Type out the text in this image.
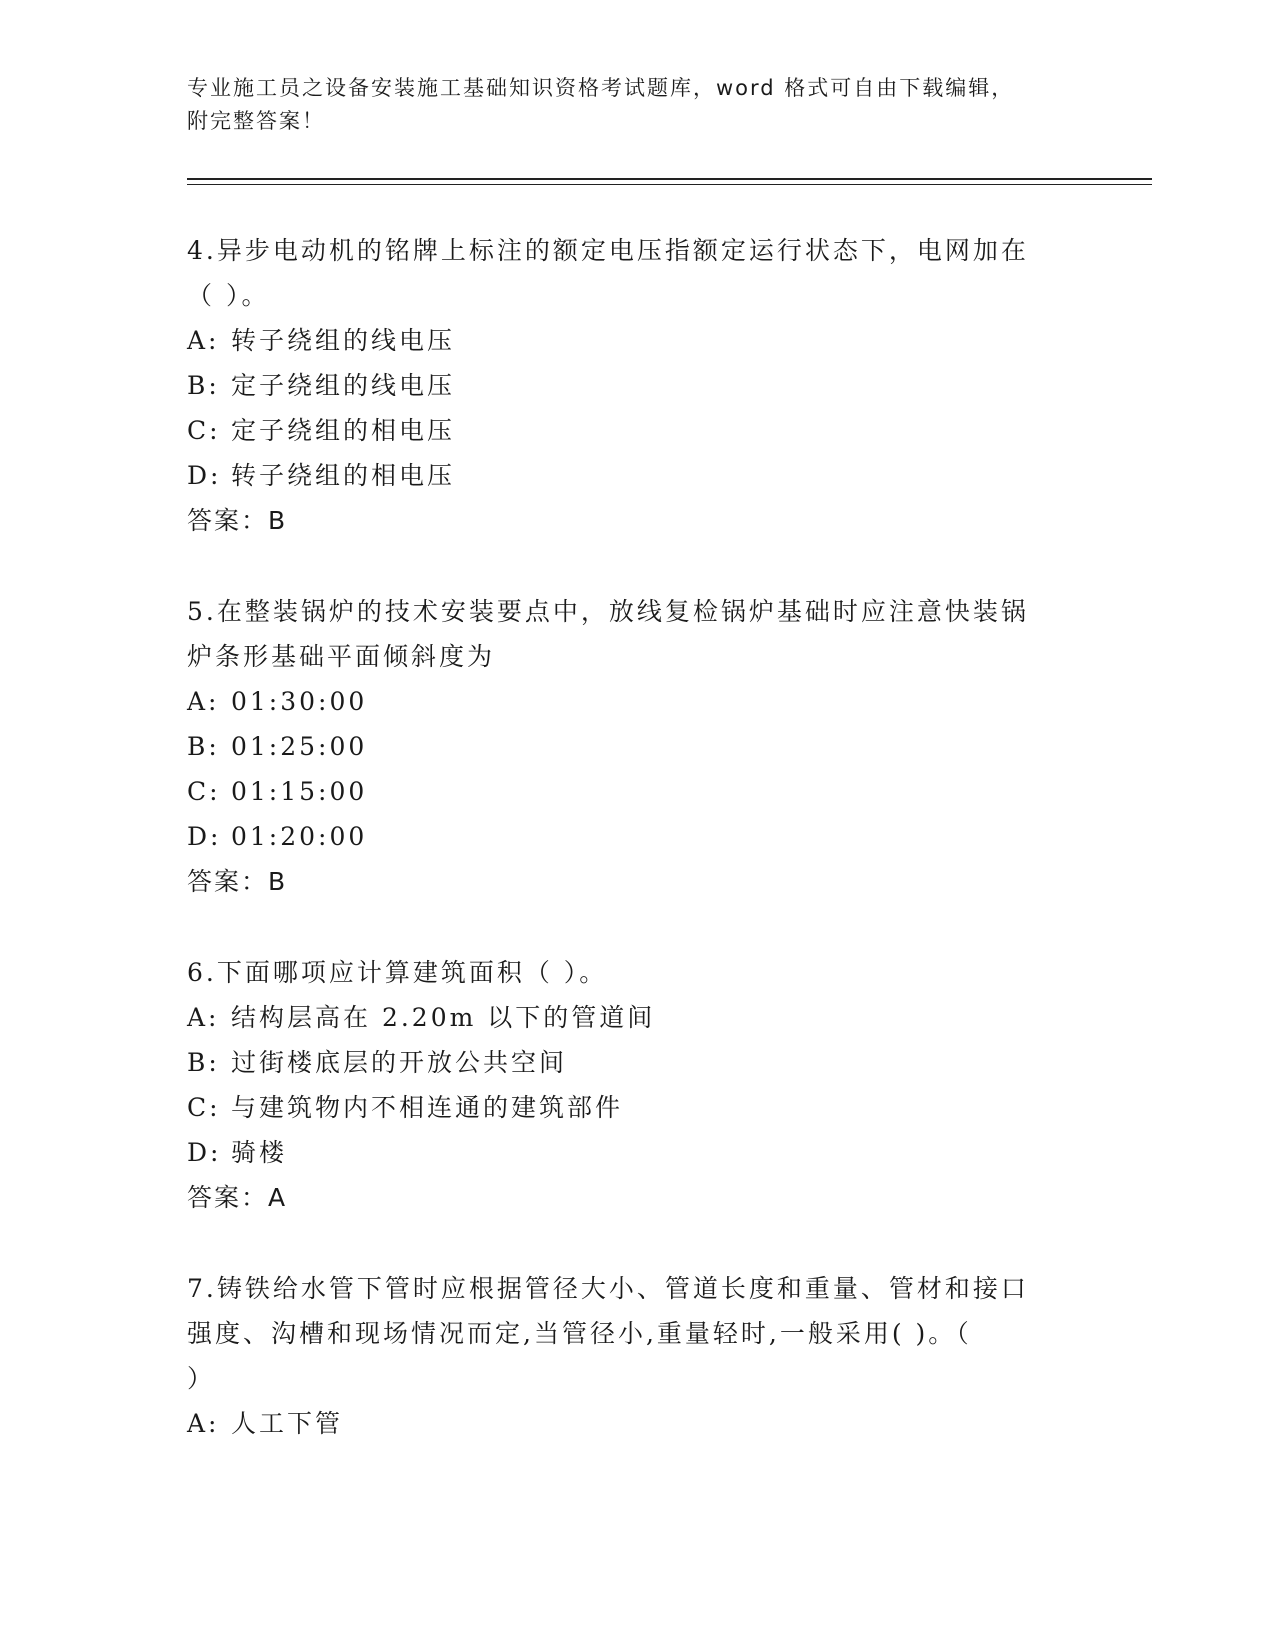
专业施工员之设备安装施工基础知识资格考试题库，word 格式可自由下载编辑，
附完整答案！
4.异步电动机的铭牌上标注的额定电压指额定运行状态下，电网加在
（ ）。
A: 转子绕组的线电压
B: 定子绕组的线电压
C: 定子绕组的相电压
D: 转子绕组的相电压
答案：B
5.在整装锅炉的技术安装要点中，放线复检锅炉基础时应注意快装锅
炉条形基础平面倾斜度为
A: 01:30:00
B: 01:25:00
C: 01:15:00
D: 01:20:00
答案：B
6.下面哪项应计算建筑面积（ ）。
A: 结构层高在 2.20m 以下的管道间
B: 过街楼底层的开放公共空间
C: 与建筑物内不相连通的建筑部件
D: 骑楼
答案：A
7.铸铁给水管下管时应根据管径大小、管道长度和重量、管材和接口
强度、沟槽和现场情况而定,当管径小,重量轻时,一般采用( )。（
）
A: 人工下管
